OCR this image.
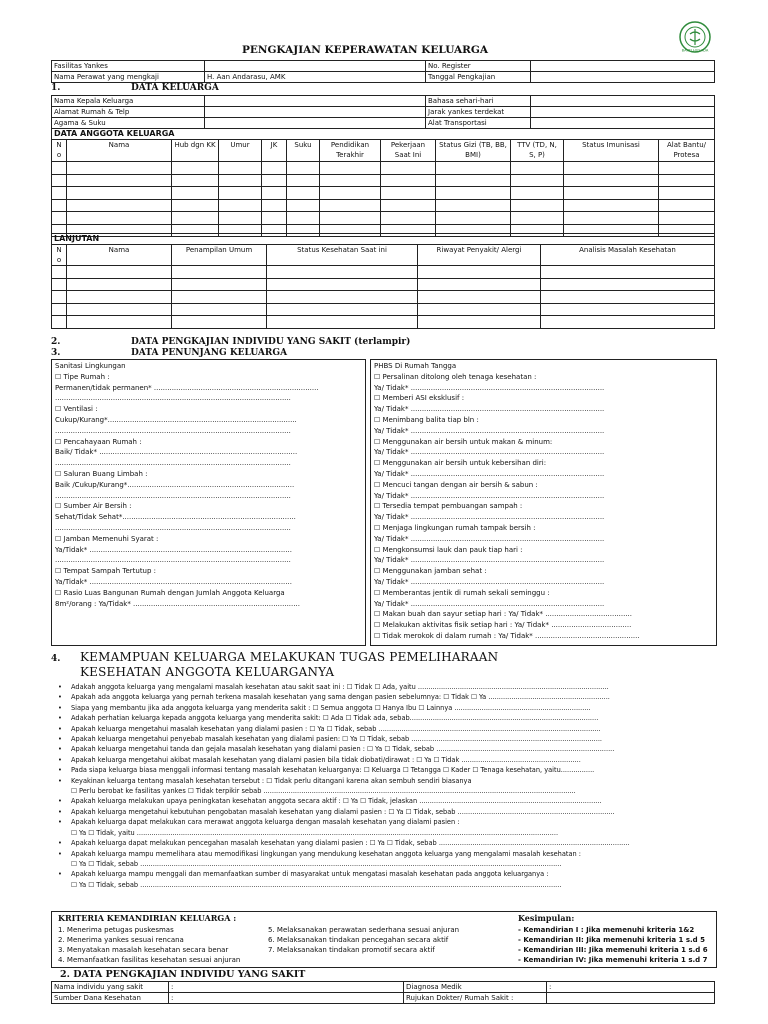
BAKTI HUSADA
PENGKAJIAN KEPERAWATAN KELUARGA
Fasilitas Yankes		No. Register	
Nama Perawat yang mengkaji	H. Aan Andarasu, AMK	Tanggal Pengkajian	
1.	DATA KELUARGA
Nama Kepala Keluarga		Bahasa sehari-hari	
Alamat Rumah & Telp		Jarak yankes terdekat	
Agama & Suku		Alat Transportasi	
DATA ANGGOTA KELUARGA											
N o	Nama	Hub dgn KK	Umur	JK	Suku	Pendidikan Terakhir	Pekerjaan Saat Ini	Status Gizi (TB, BB, BMI)	TTV (TD, N, S, P)	Status Imunisasi	Alat Bantu/ Protesa

LANJUTAN					
N o	Nama	Penampilan Umum	Status Kesehatan Saat ini	Riwayat Penyakit/ Alergi	Analisis Masalah Kesehatan

2.	DATA PENGKAJIAN INDIVIDU YANG SAKIT (terlampir)
3.	DATA PENUNJANG KELUARGA
Sanitasi Lingkungan
☐ Tipe Rumah :
Permanen/tidak permanen* ..........................................................................
..........................................................................................................
☐ Ventilasi :
Cukup/Kurang*.....................................................................................
..........................................................................................................
☐ Pencahayaan Rumah :
Baik/ Tidak* .........................................................................................
..........................................................................................................
☐ Saluran Buang Limbah :
Baik /Cukup/Kurang*...........................................................................
..........................................................................................................
☐ Sumber Air Bersih :
Sehat/Tidak Sehat*..............................................................................
..........................................................................................................
☐ Jamban Memenuhi Syarat :
Ya/Tidak* ...........................................................................................
..........................................................................................................
☐ Tempat Sampah Tertutup :
Ya/Tidak* ...........................................................................................
☐ Rasio Luas Bangunan Rumah dengan Jumlah Anggota Keluarga
8m²/orang : Ya/Tidak* ...........................................................................
PHBS Di Rumah Tangga
☐ Persalinan ditolong oleh tenaga kesehatan :
Ya/ Tidak* .......................................................................................
☐ Memberi ASI eksklusif :
Ya/ Tidak* .......................................................................................
☐ Menimbang balita tiap bln :
Ya/ Tidak* .......................................................................................
☐ Menggunakan air bersih untuk makan & minum:
Ya/ Tidak* .......................................................................................
☐ Menggunakan air bersih untuk kebersihan diri:
Ya/ Tidak* .......................................................................................
☐ Mencuci tangan dengan air bersih & sabun :
Ya/ Tidak* .......................................................................................
☐ Tersedia tempat pembuangan sampah :
Ya/ Tidak* .......................................................................................
☐ Menjaga lingkungan rumah tampak bersih :
Ya/ Tidak* .......................................................................................
☐ Mengkonsumsi lauk dan pauk tiap hari :
Ya/ Tidak* .......................................................................................
☐ Menggunakan jamban sehat :
Ya/ Tidak* .......................................................................................
☐ Memberantas jentik di rumah sekali seminggu :
Ya/ Tidak* .......................................................................................
☐ Makan buah dan sayur setiap hari : Ya/ Tidak* .......................................
☐ Melakukan aktivitas fisik setiap hari : Ya/ Tidak* ....................................
☐ Tidak merokok di dalam rumah : Ya/ Tidak* ...............................................
4. KEMAMPUAN KELUARGA MELAKUKAN TUGAS PEMELIHARAAN
KESEHATAN ANGGOTA KELUARGANYA
• Adakah anggota keluarga yang mengalami masalah kesehatan atau sakit saat ini : ☐ Tidak ☐ Ada, yaitu ...........................................................................................
• Apakah ada anggota keluarga yang pernah terkena masalah kesehatan yang sama dengan pasien sebelumnya: ☐ Tidak ☐ Ya ..........................................................
• Siapa yang membantu jika ada anggota keluarga yang menderita sakit : ☐ Semua anggota ☐ Hanya Ibu ☐ Lainnya .................................................................
• Adakah perhatian keluarga kepada anggota keluarga yang menderita sakit: ☐ Ada ☐ Tidak ada, sebab..........................................................................................
• Apakah keluarga mengetahui masalah kesehatan yang dialami pasien : ☐ Ya ☐ Tidak, sebab ..........................................................................................................
• Apakah keluarga mengetahui penyebab masalah kesehatan yang dialami pasien: ☐ Ya ☐ Tidak, sebab ...........................................................................................
• Apakah keluarga mengetahui tanda dan gejala masalah kesehatan yang dialami pasien : ☐ Ya ☐ Tidak, sebab .....................................................................................
• Apakah keluarga mengetahui akibat masalah kesehatan yang dialami pasien bila tidak diobati/dirawat : ☐ Ya ☐ Tidak .........................................................
• Pada siapa keluarga biasa menggali informasi tentang masalah kesehatan keluarganya: ☐ Keluarga ☐ Tetangga ☐ Kader ☐ Tenaga kesehatan, yaitu................
• Keyakinan keluarga tentang masalah kesehatan tersebut : ☐ Tidak perlu ditangani karena akan sembuh sendiri biasanya
☐ Perlu berobat ke fasilitas yankes ☐ Tidak terpikir sebab .....................................................................................................................................................
• Apakah keluarga melakukan upaya peningkatan kesehatan anggota secara aktif : ☐ Ya ☐ Tidak, jelaskan .......................................................................................
• Apakah keluarga mengetahui kebutuhan pengobatan masalah kesehatan yang dialami pasien : ☐ Ya ☐ Tidak, sebab ...........................................................................
• Apakah keluarga dapat melakukan cara merawat anggota keluarga dengan masalah kesehatan yang dialami pasien :
☐ Ya ☐ Tidak, yaitu .........................................................................................................................................................................................................
• Apakah keluarga dapat melakukan pencegahan masalah kesehatan yang dialami pasien : ☐ Ya ☐ Tidak, sebab ...........................................................................................
• Apakah keluarga mampu memelihara atau memodifikasi lingkungan yang mendukung kesehatan anggota keluarga yang mengalami masalah kesehatan :
☐ Ya ☐ Tidak, sebab .........................................................................................................................................................................................................
• Apakah keluarga mampu menggali dan memanfaatkan sumber di masyarakat untuk mengatasi masalah kesehatan pada anggota keluarganya :
☐ Ya ☐ Tidak, sebab .........................................................................................................................................................................................................
KRITERIA KEMANDIRIAN KELUARGA :
1. Menerima petugas puskesmas
2. Menerima yankes sesuai rencana
3. Menyatakan masalah kesehatan secara benar
4. Memanfaatkan fasilitas kesehatan sesuai anjuran
5. Melaksanakan perawatan sederhana sesuai anjuran
6. Melaksanakan tindakan pencegahan secara aktif
7. Melaksanakan tindakan promotif secara aktif
Kesimpulan:
- Kemandirian I : Jika memenuhi kriteria 1&2
- Kemandirian II: Jika memenuhi kriteria 1 s.d 5
- Kemandirian III: Jika memenuhi kriteria 1 s.d 6
- Kemandirian IV: Jika memenuhi kriteria 1 s.d 7
2. DATA PENGKAJIAN INDIVIDU YANG SAKIT
Nama individu yang sakit	:	Diagnosa Medik	:
Sumber Dana Kesehatan	:	Rujukan Dokter/ Rumah Sakit :	
